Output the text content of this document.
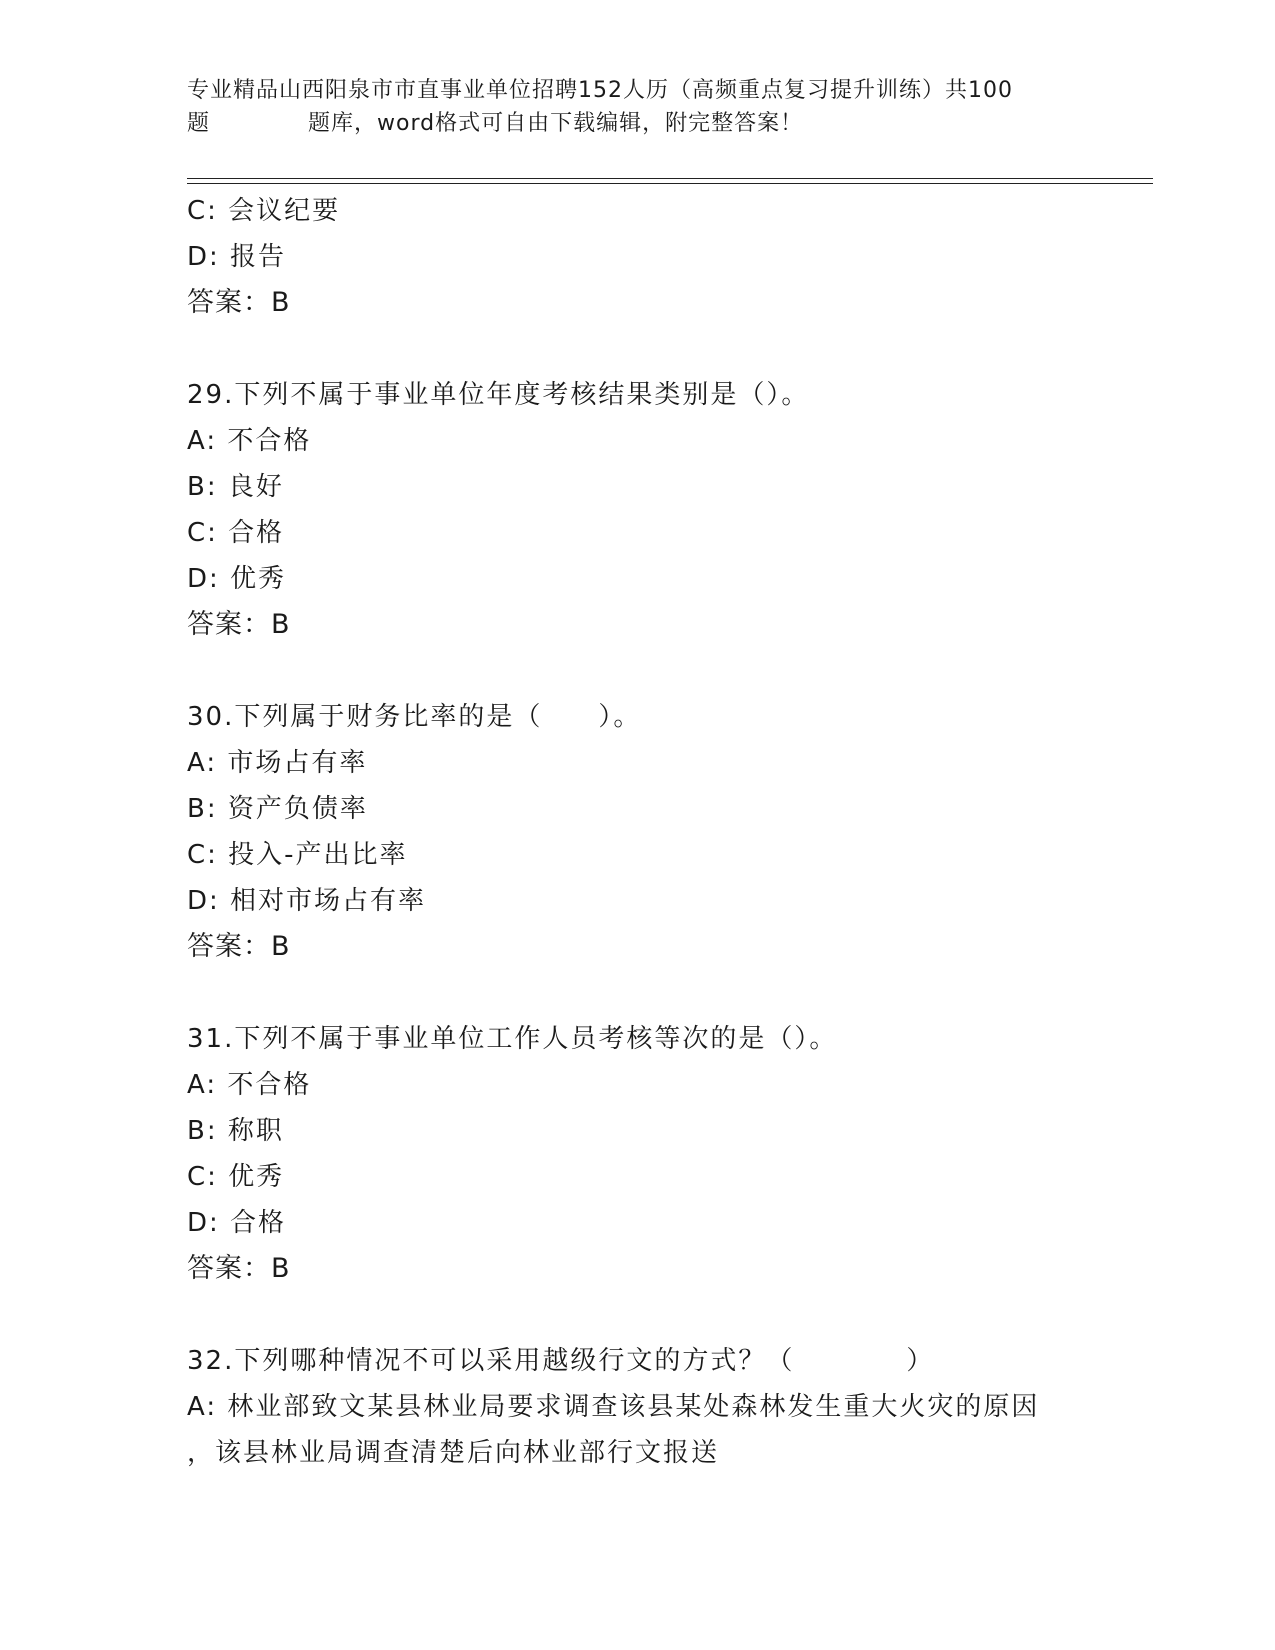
专业精品山西阳泉市市直事业单位招聘152人历（高频重点复习提升训练）共100
题	题库，word格式可自由下载编辑，附完整答案！
C: 会议纪要
D: 报告
答案：B
29.下列不属于事业单位年度考核结果类别是（）。
A: 不合格
B: 良好
C: 合格
D: 优秀
答案：B
30.下列属于财务比率的是（　　）。
A: 市场占有率
B: 资产负债率
C: 投入-产出比率
D: 相对市场占有率
答案：B
31.下列不属于事业单位工作人员考核等次的是（）。
A: 不合格
B: 称职
C: 优秀
D: 合格
答案：B
32.下列哪种情况不可以采用越级行文的方式？（　　　　）
A: 林业部致文某县林业局要求调查该县某处森林发生重大火灾的原因
，该县林业局调查清楚后向林业部行文报送
